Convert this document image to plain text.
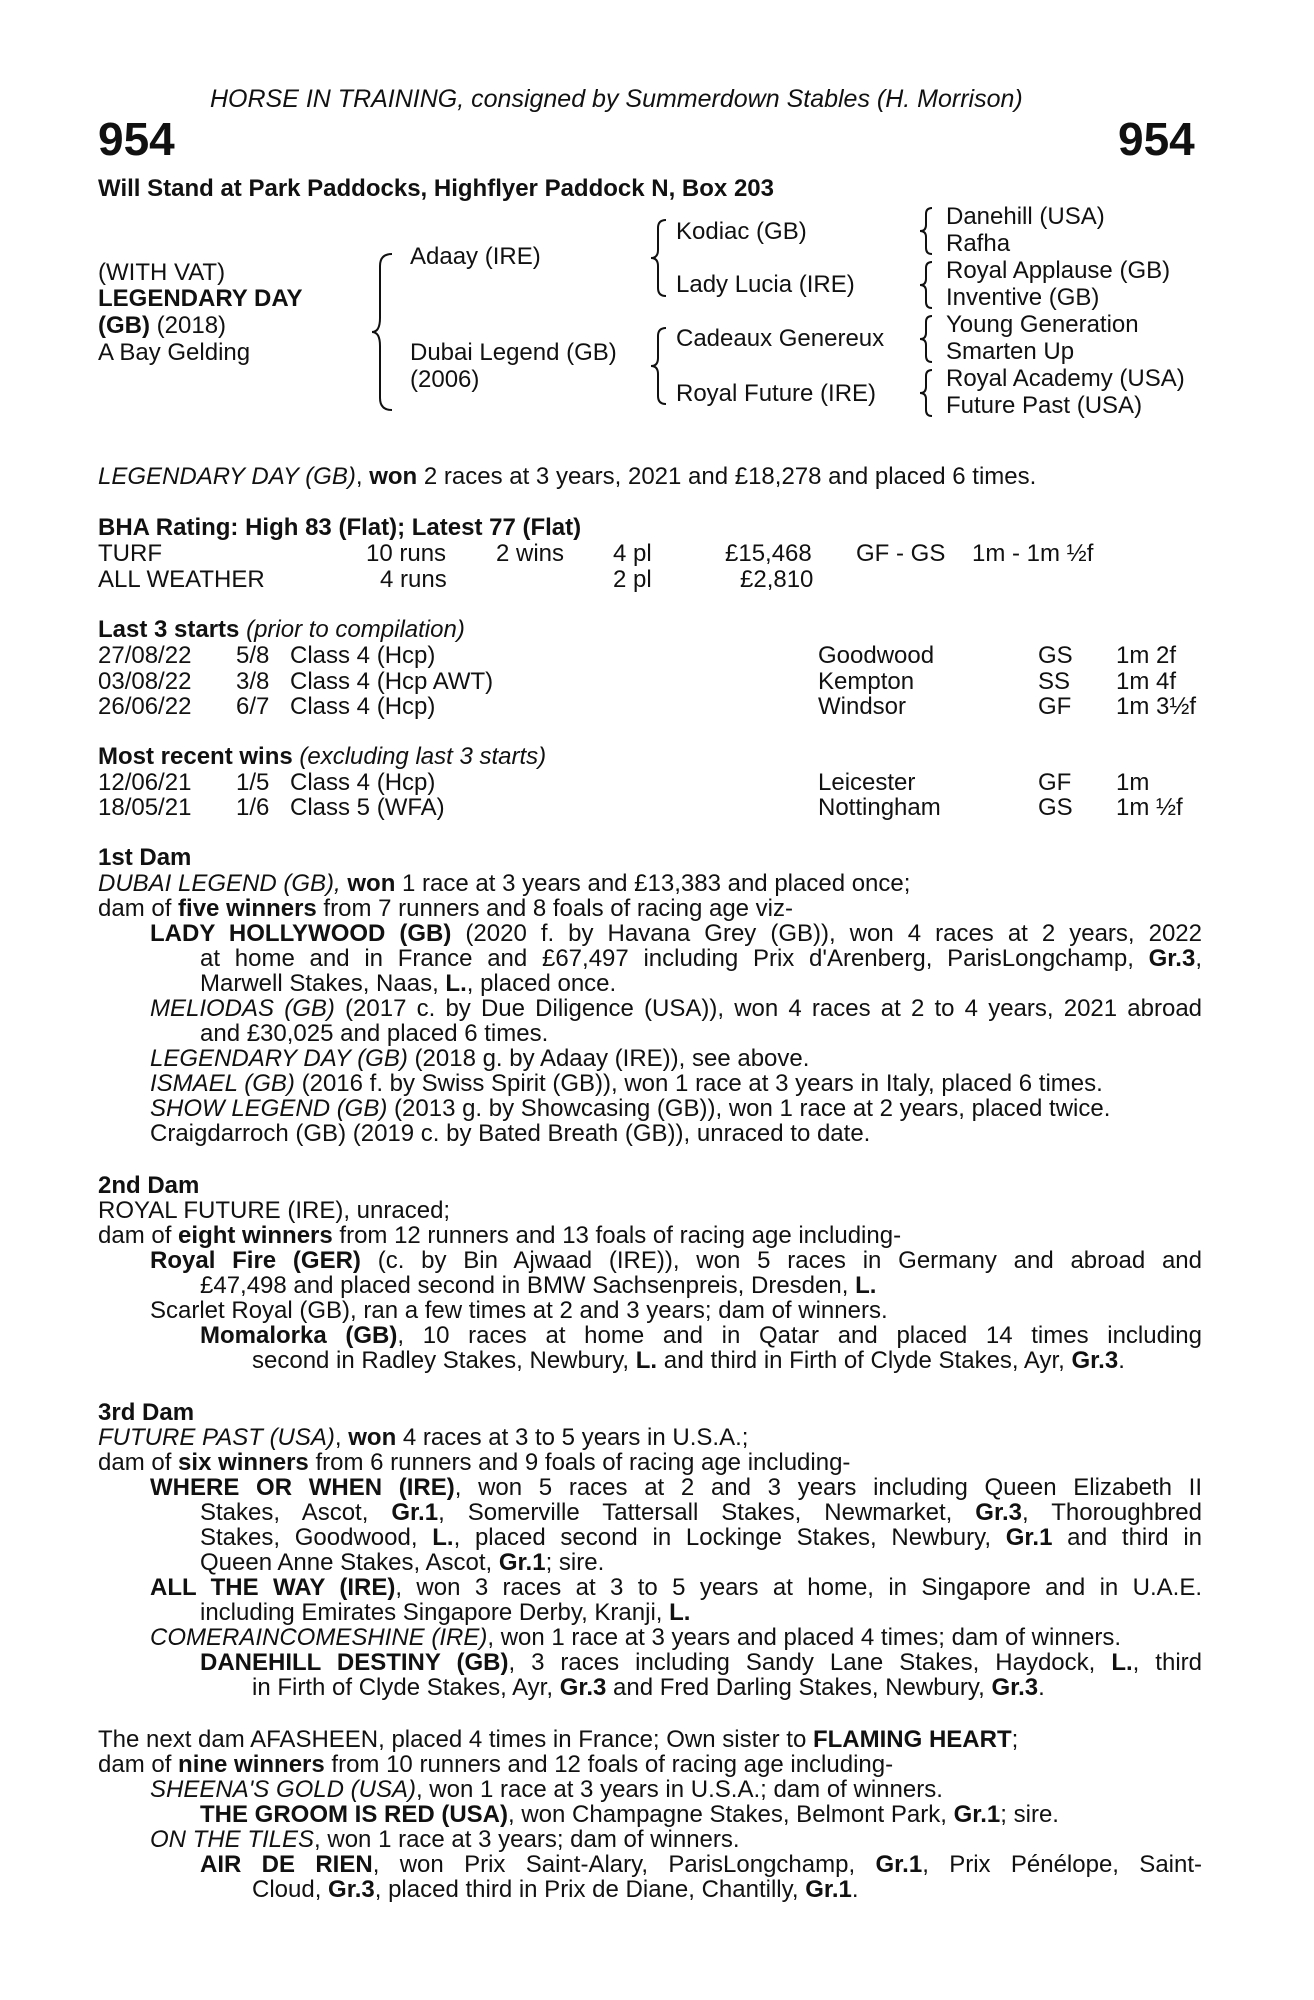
HORSE IN TRAINING, consigned by Summerdown Stables (H. Morrison)
954	954
Will Stand at Park Paddocks, Highflyer Paddock N, Box 203
(WITH VAT)
LEGENDARY DAY
(GB) (2018)
A Bay Gelding
Adaay (IRE)
Dubai Legend (GB)
(2006)
Kodiac (GB)
Lady Lucia (IRE)
Cadeaux Genereux
Royal Future (IRE)
Danehill (USA)
Rafha
Royal Applause (GB)
Inventive (GB)
Young Generation
Smarten Up
Royal Academy (USA)
Future Past (USA)
LEGENDARY DAY (GB), won 2 races at 3 years, 2021 and £18,278 and placed 6 times.
BHA Rating: High 83 (Flat); Latest 77 (Flat)
TURF	10 runs 2 wins 4 pl	£15,468 GF - GS 1m - 1m ½f
ALL WEATHER	4 runs	2 pl	£2,810
Last 3 starts (prior to compilation)
27/08/22 5/8 Class 4 (Hcp)	Goodwood	GS 1m 2f
03/08/22 3/8 Class 4 (Hcp AWT)	Kempton	SS 1m 4f
26/06/22 6/7 Class 4 (Hcp)	Windsor	GF 1m 3½f
Most recent wins (excluding last 3 starts)
12/06/21 1/5 Class 4 (Hcp)	Leicester	GF 1m
18/05/21 1/6 Class 5 (WFA)	Nottingham	GS 1m ½f
1st Dam
DUBAI LEGEND (GB), won 1 race at 3 years and £13,383 and placed once;
dam of five winners from 7 runners and 8 foals of racing age viz-
LADY HOLLYWOOD (GB) (2020 f. by Havana Grey (GB)), won 4 races at 2 years, 2022
at home and in France and £67,497 including Prix d'Arenberg, ParisLongchamp, Gr.3,
Marwell Stakes, Naas, L., placed once.
MELIODAS (GB) (2017 c. by Due Diligence (USA)), won 4 races at 2 to 4 years, 2021 abroad
and £30,025 and placed 6 times.
LEGENDARY DAY (GB) (2018 g. by Adaay (IRE)), see above.
ISMAEL (GB) (2016 f. by Swiss Spirit (GB)), won 1 race at 3 years in Italy, placed 6 times.
SHOW LEGEND (GB) (2013 g. by Showcasing (GB)), won 1 race at 2 years, placed twice.
Craigdarroch (GB) (2019 c. by Bated Breath (GB)), unraced to date.
2nd Dam
ROYAL FUTURE (IRE), unraced;
dam of eight winners from 12 runners and 13 foals of racing age including-
Royal Fire (GER) (c. by Bin Ajwaad (IRE)), won 5 races in Germany and abroad and
£47,498 and placed second in BMW Sachsenpreis, Dresden, L.
Scarlet Royal (GB), ran a few times at 2 and 3 years; dam of winners.
Momalorka (GB), 10 races at home and in Qatar and placed 14 times including
second in Radley Stakes, Newbury, L. and third in Firth of Clyde Stakes, Ayr, Gr.3.
3rd Dam
FUTURE PAST (USA), won 4 races at 3 to 5 years in U.S.A.;
dam of six winners from 6 runners and 9 foals of racing age including-
WHERE OR WHEN (IRE), won 5 races at 2 and 3 years including Queen Elizabeth II
Stakes, Ascot, Gr.1, Somerville Tattersall Stakes, Newmarket, Gr.3, Thoroughbred
Stakes, Goodwood, L., placed second in Lockinge Stakes, Newbury, Gr.1 and third in
Queen Anne Stakes, Ascot, Gr.1; sire.
ALL THE WAY (IRE), won 3 races at 3 to 5 years at home, in Singapore and in U.A.E.
including Emirates Singapore Derby, Kranji, L.
COMERAINCOMESHINE (IRE), won 1 race at 3 years and placed 4 times; dam of winners.
DANEHILL DESTINY (GB), 3 races including Sandy Lane Stakes, Haydock, L., third
in Firth of Clyde Stakes, Ayr, Gr.3 and Fred Darling Stakes, Newbury, Gr.3.
The next dam AFASHEEN, placed 4 times in France; Own sister to FLAMING HEART;
dam of nine winners from 10 runners and 12 foals of racing age including-
SHEENA'S GOLD (USA), won 1 race at 3 years in U.S.A.; dam of winners.
THE GROOM IS RED (USA), won Champagne Stakes, Belmont Park, Gr.1; sire.
ON THE TILES, won 1 race at 3 years; dam of winners.
AIR DE RIEN, won Prix Saint-Alary, ParisLongchamp, Gr.1, Prix Pénélope, Saint-
Cloud, Gr.3, placed third in Prix de Diane, Chantilly, Gr.1.
